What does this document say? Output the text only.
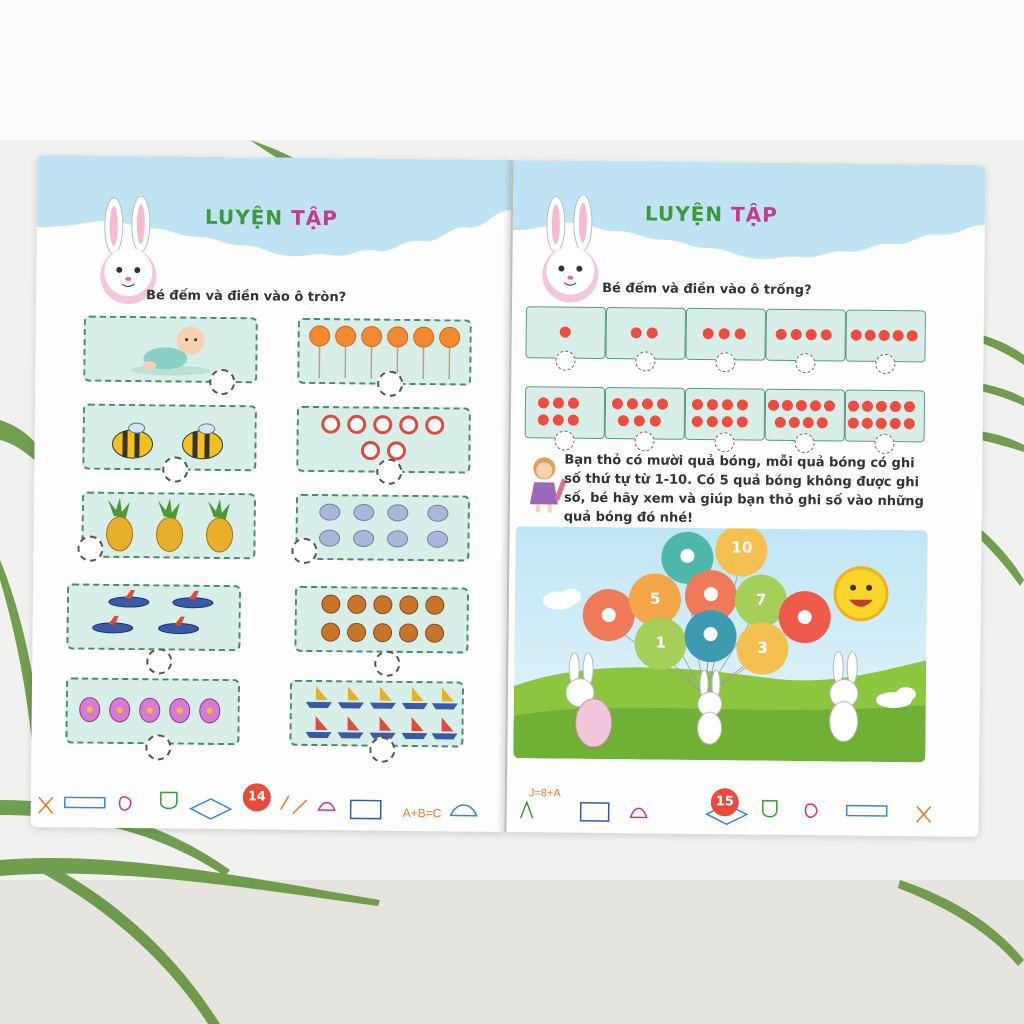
LUYỆN TẬP
Bé đếm và điền vào ô tròn?
A+B=C
14
LUYỆN TẬP
Bé đếm và điền vào ô trống?
Bạn thỏ có mười quả bóng, mỗi quả bóng có ghi
số thứ tự từ 1-10. Có 5 quả bóng không được ghi
số, bé hãy xem và giúp bạn thỏ ghi số vào những
quả bóng đó nhé!
10
5	7
1	3
J=8+A
15
